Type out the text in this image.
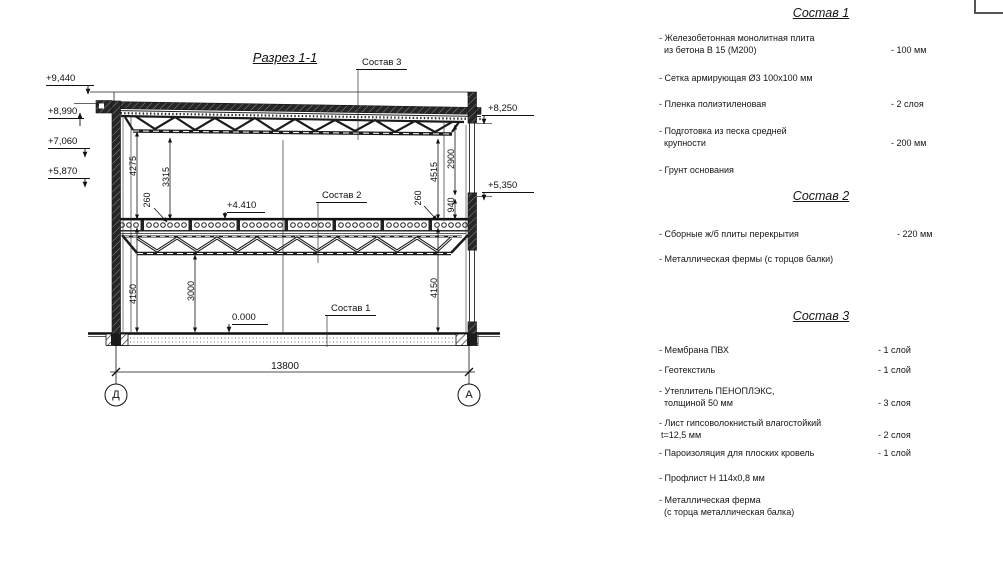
Разрез 1-1
+9,440
+8,990
+7,060
+5,870
+8,250
+5,350
+4.410
0.000
4275
3315
260	260
4515
2900
940
4150	3000	4150
Состав 3
Состав 2
Состав 1
13800
Д	А
Состав 1
- Железобетонная монолитная плита
из бетона В 15 (М200)	- 100 мм
- Сетка армирующая Ø3 100х100 мм
- Пленка полиэтиленовая	- 2 слоя
- Подготовка из песка средней
крупности	- 200 мм
- Грунт основания
Состав 2
- Сборные ж/б плиты перекрытия	- 220 мм
- Металлическая фермы (с торцов балки)
Состав 3
- Мембрана ПВХ	- 1 слой
- Геотекстиль	- 1 слой
- Утеплитель ПЕНОПЛЭКС,
толщиной 50 мм	- 3 слоя
- Лист гипсоволокнистый влагостойкий
t=12,5 мм	- 2 слоя
- Пароизоляция для плоских кровель	- 1 слой
- Профлист Н 114х0,8 мм
- Металлическая ферма
(с торца металлическая балка)
